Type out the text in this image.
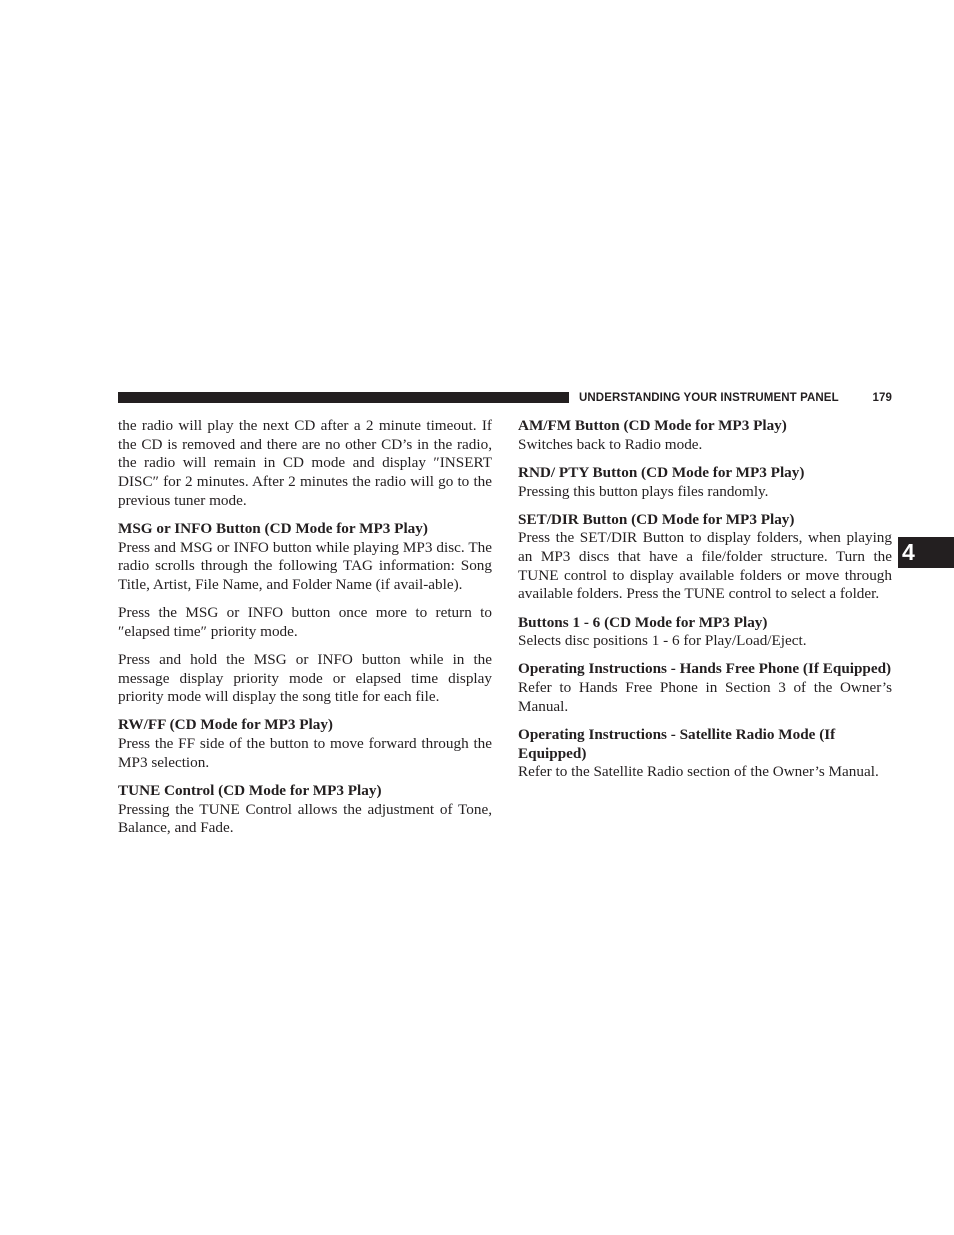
UNDERSTANDING YOUR INSTRUMENT PANEL	179
4

the radio will play the next CD after a 2 minute timeout. If the CD is removed and there are no other CD’s in the radio, the radio will remain in CD mode and display ″INSERT DISC″ for 2 minutes. After 2 minutes the radio will go to the previous tuner mode.

MSG or INFO Button (CD Mode for MP3 Play)

Press and MSG or INFO button while playing MP3 disc. The radio scrolls through the following TAG information: Song Title, Artist, File Name, and Folder Name (if avail-able).

Press the MSG or INFO button once more to return to ″elapsed time″ priority mode.

Press and hold the MSG or INFO button while in the message display priority mode or elapsed time display priority mode will display the song title for each file.

RW/FF (CD Mode for MP3 Play)

Press the FF side of the button to move forward through the MP3 selection.

TUNE Control (CD Mode for MP3 Play)

Pressing the TUNE Control allows the adjustment of Tone, Balance, and Fade.

AM/FM Button (CD Mode for MP3 Play)

Switches back to Radio mode.

RND/ PTY Button (CD Mode for MP3 Play)

Pressing this button plays files randomly.

SET/DIR Button (CD Mode for MP3 Play)

Press the SET/DIR Button to display folders, when playing an MP3 discs that have a file/folder structure. Turn the TUNE control to display available folders or move through available folders. Press the TUNE control to select a folder.

Buttons 1 - 6 (CD Mode for MP3 Play)

Selects disc positions 1 - 6 for Play/Load/Eject.

Operating Instructions - Hands Free Phone (If Equipped)

Refer to Hands Free Phone in Section 3 of the Owner’s Manual.

Operating Instructions - Satellite Radio Mode (If Equipped)

Refer to the Satellite Radio section of the Owner’s Manual.
